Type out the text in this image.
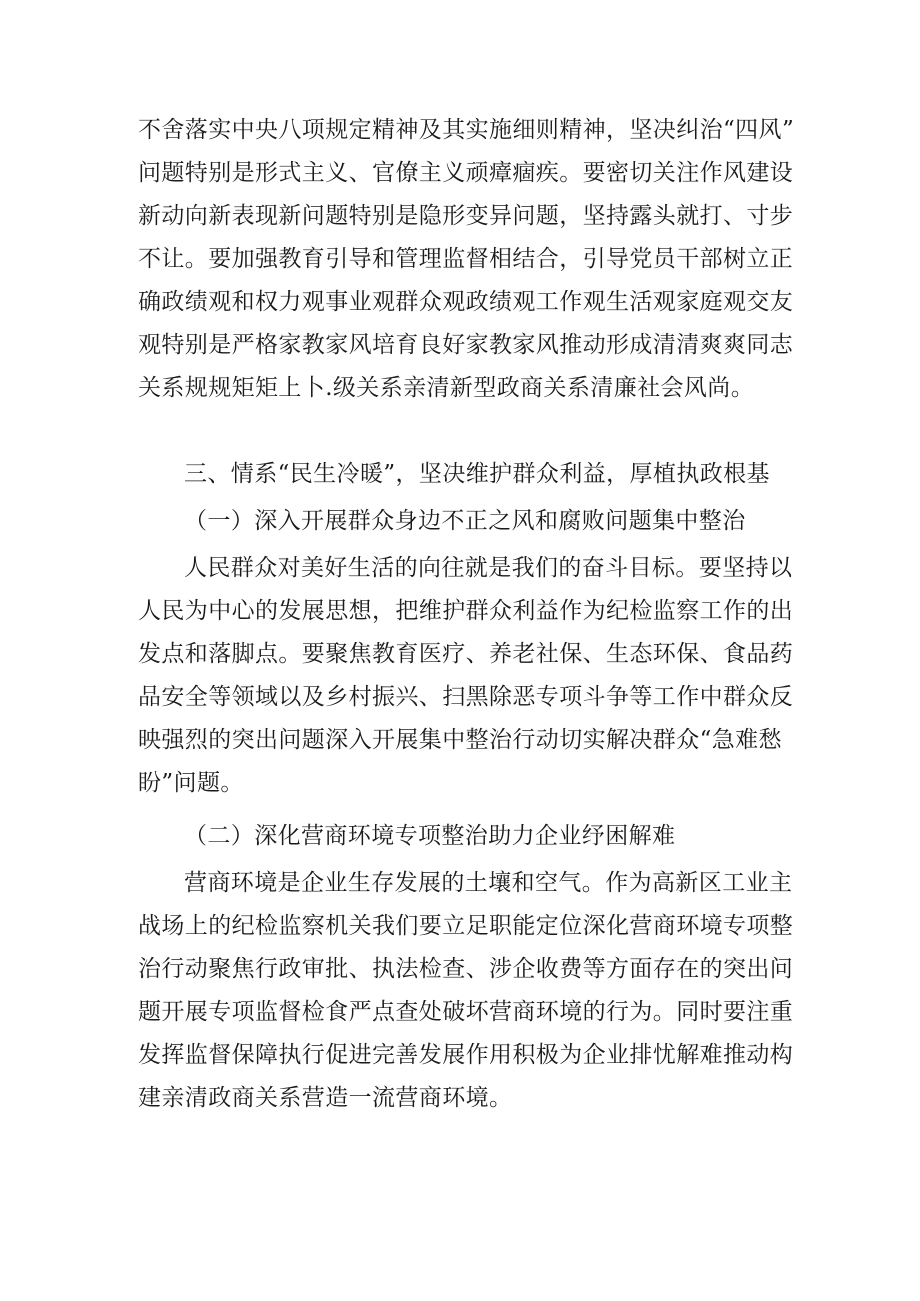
不舍落实中央八项规定精神及其实施细则精神，坚决纠治“四风”
问题特别是形式主义、官僚主义顽瘴痼疾。要密切关注作风建设
新动向新表现新问题特别是隐形变异问题，坚持露头就打、寸步
不让。要加强教育引导和管理监督相结合，引导党员干部树立正
确政绩观和权力观事业观群众观政绩观工作观生活观家庭观交友
观特别是严格家教家风培育良好家教家风推动形成清清爽爽同志
关系规规矩矩上卜.级关系亲清新型政商关系清廉社会风尚。
三、情系“民生冷暖”，坚决维护群众利益，厚植执政根基
（一）深入开展群众身边不正之风和腐败问题集中整治
人民群众对美好生活的向往就是我们的奋斗目标。要坚持以
人民为中心的发展思想，把维护群众利益作为纪检监察工作的出
发点和落脚点。要聚焦教育医疗、养老社保、生态环保、食品药
品安全等领域以及乡村振兴、扫黑除恶专项斗争等工作中群众反
映强烈的突出问题深入开展集中整治行动切实解决群众“急难愁
盼”问题。
（二）深化营商环境专项整治助力企业纾困解难
营商环境是企业生存发展的土壤和空气。作为高新区工业主
战场上的纪检监察机关我们要立足职能定位深化营商环境专项整
治行动聚焦行政审批、执法检查、涉企收费等方面存在的突出问
题开展专项监督检食严点查处破坏营商环境的行为。同时要注重
发挥监督保障执行促进完善发展作用积极为企业排忧解难推动构
建亲清政商关系营造一流营商环境。
